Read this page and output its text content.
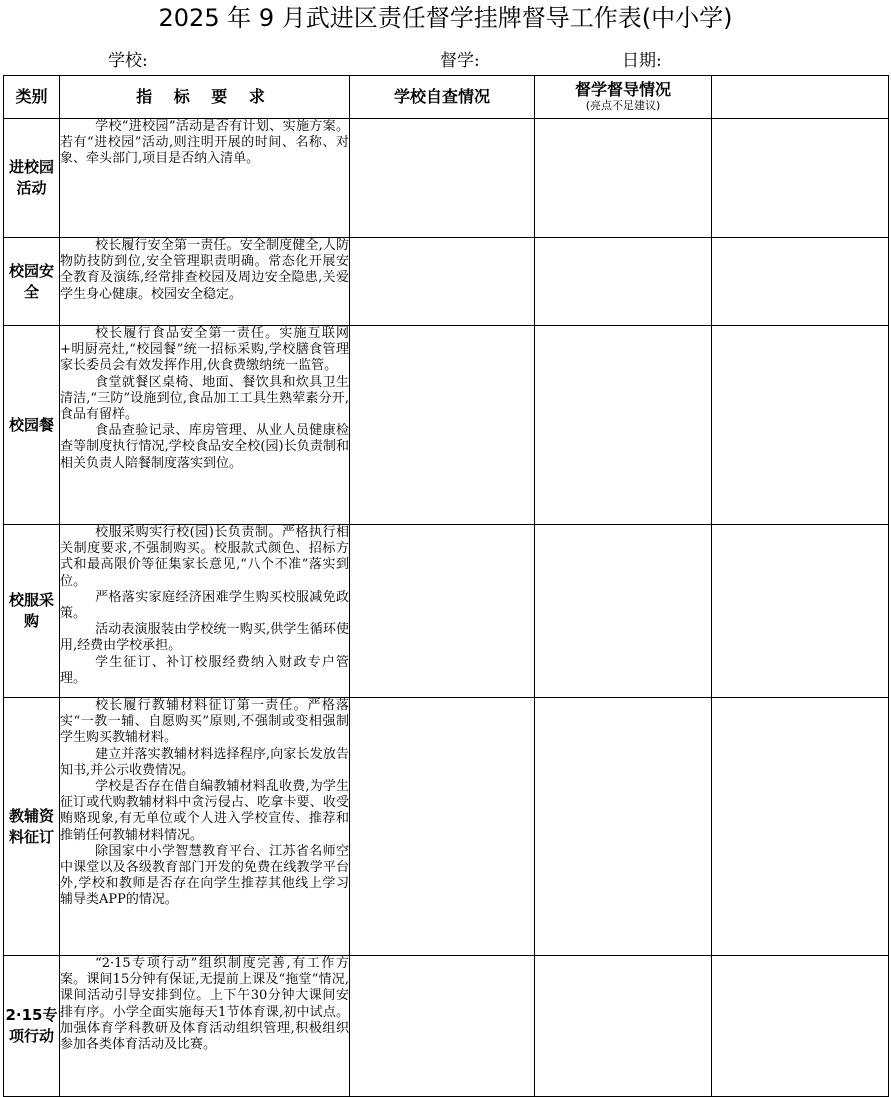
2025 年 9 月武进区责任督学挂牌督导工作表(中小学)
学校:	督学:	日期:
类别	指 标 要 求	学校自查情况	督学督导情况
(亮点不足建议)	

进校园活动	学校“进校园”活动是否有计划、实施方案。若有“进校园”活动,则注明开展的时间、名称、对象、牵头部门,项目是否纳入清单。			

校园安全	校长履行安全第一责任。安全制度健全,人防物防技防到位,安全管理职责明确。常态化开展安全教育及演练,经常排查校园及周边安全隐患,关爱学生身心健康。校园安全稳定。			

校园餐	校长履行食品安全第一责任。实施互联网+明厨亮灶,“校园餐”统一招标采购,学校膳食管理家长委员会有效发挥作用,伙食费缴纳统一监管。

食堂就餐区桌椅、地面、餐饮具和炊具卫生清洁,“三防”设施到位,食品加工工具生熟荤素分开,食品有留样。

食品查验记录、库房管理、从业人员健康检查等制度执行情况,学校食品安全校(园)长负责制和相关负责人陪餐制度落实到位。			

校服采购	校服采购实行校(园)长负责制。严格执行相关制度要求,不强制购买。校服款式颜色、招标方式和最高限价等征集家长意见,“八个不准”落实到位。

严格落实家庭经济困难学生购买校服减免政策。

活动表演服装由学校统一购买,供学生循环使用,经费由学校承担。

学生征订、补订校服经费纳入财政专户管理。			

教辅资料征订	校长履行教辅材料征订第一责任。严格落实“一教一辅、自愿购买”原则,不强制或变相强制学生购买教辅材料。

建立并落实教辅材料选择程序,向家长发放告知书,并公示收费情况。

学校是否存在借自编教辅材料乱收费,为学生征订或代购教辅材料中贪污侵占、吃拿卡要、收受贿赂现象,有无单位或个人进入学校宣传、推荐和推销任何教辅材料情况。

除国家中小学智慧教育平台、江苏省名师空中课堂以及各级教育部门开发的免费在线教学平台外,学校和教师是否存在向学生推荐其他线上学习辅导类APP的情况。			

2·15专项行动	“2·15专项行动”组织制度完善,有工作方案。课间15分钟有保证,无提前上课及“拖堂”情况,课间活动引导安排到位。上下午30分钟大课间安排有序。小学全面实施每天1节体育课,初中试点。加强体育学科教研及体育活动组织管理,积极组织参加各类体育活动及比赛。			
